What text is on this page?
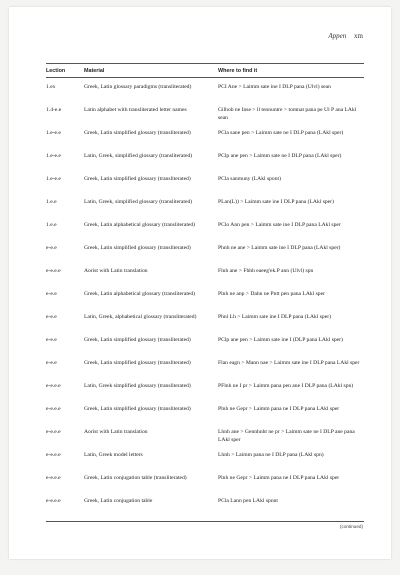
Appen xm
Lection	Material	Where to find it
1.ex	Greek, Latin glossary paradigms (transliterated)	PCI Ane > Laimm sate ine I DLP pana (Ulvl) sean
1.4-e.e	Latin alphabet with transliterated letter names	Gilhob ne Inse > ll tennuntre > tomnat pana pe Ul P ana LAkl sean
1.e-e.e	Greek, Latin simplified glossary (transliterated)	PCla sane pen > Laimm sate ne I DLP pana (LAkl sper)
1.e-e.e	Latin, Greek, simplified glossary (transliterated)	PClp ane pen > Laimm sate ne I DLP pana (LAkl sper)
1.e-e.e	Greek, Latin simplified glossary (transliterated)	PCla sanmuny (LAkl spont)
1.e.e	Latin, Greek, simplified glossary (transliterated)	PLan(L)) > Laimm sate ine I DLP pana (LAkl sper)
1.e.e	Greek, Latin alphabetical glossary (transliterated)	PClo Ann pen > Laimm sate ine I DLP pana LAkl sper
e-e.e	Greek, Latin simplified glossary (transliterated)	Phnh ne ane > Laimm sate ine I DLP pana (LAkl sper)
e-e.e.e	Aorist with Latin translation	Flnh ane > Fhhh eaeeg'ek.P ann (Ulvl) spn
e-e.e	Greek, Latin alphabetical glossary (transliterated)	Plnh ne anp > Dahn ne Pntt pen pana LAkl sper
e-e.e	Latin, Greek, alphabetical glossary (transliterated)	Phnl Lh > Laimm sate ine I DLP pana (LAkl sper)
e-e.e	Greek, Latin simplified glossary (transliterated)	PClp ane pen > Laimm sate ine I (DLP pana LAkl sper)
e-e.e	Greek, Latin simplified glossary (transliterated)	Flan eagn > Mann nae > Laimm sate ine I DLP pana LAkl sper
e-e.e.e	Latin, Greek simplified glossary (transliterated)	PFlnh ne I pr > Laimm pana pen ane I DLP pana (LAkl spn)
e-e.e.e	Greek, Latin simplified glossary (transliterated)	Plnh ne Gepr > Laimm pana ne I DLP pana LAkl sper
e-e.e.e	Aorist with Latin translation	Lhnh ane > Gennhnht ne pr > Laimm sate ne I DLP ane pana LAkl sper
e-e.e.e	Latin, Greek model letters	Lhnh > Laimm pana ne I DLP pana (LAkl spn)
e-e.e.e	Greek, Latin conjugation table (transliterated)	Plnh ne Gepr > Laimm pana ne I DLP pana LAkl sper
e-e.e.e	Greek, Latin conjugation table	PCla Lann pen LAkl spnnt
(continued)
